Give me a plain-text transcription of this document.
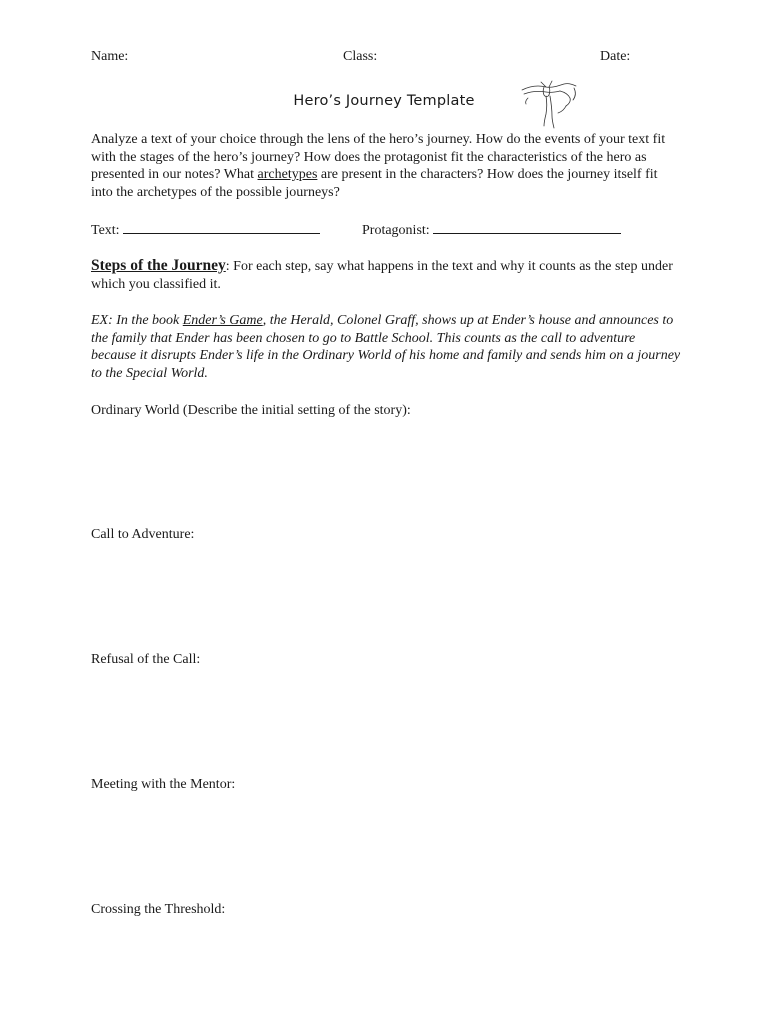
Name:	Class:	Date:
Hero’s Journey Template
Analyze a text of your choice through the lens of the hero’s journey. How do the events of your text fit with the stages of the hero’s journey? How does the protagonist fit the characteristics of the hero as presented in our notes? What archetypes are present in the characters? How does the journey itself fit into the archetypes of the possible journeys?
Text:	Protagonist:
Steps of the Journey: For each step, say what happens in the text and why it counts as the step under which you classified it.
EX: In the book Ender’s Game, the Herald, Colonel Graff, shows up at Ender’s house and announces to the family that Ender has been chosen to go to Battle School. This counts as the call to adventure because it disrupts Ender’s life in the Ordinary World of his home and family and sends him on a journey to the Special World.
Ordinary World (Describe the initial setting of the story):
Call to Adventure:
Refusal of the Call:
Meeting with the Mentor:
Crossing the Threshold:
